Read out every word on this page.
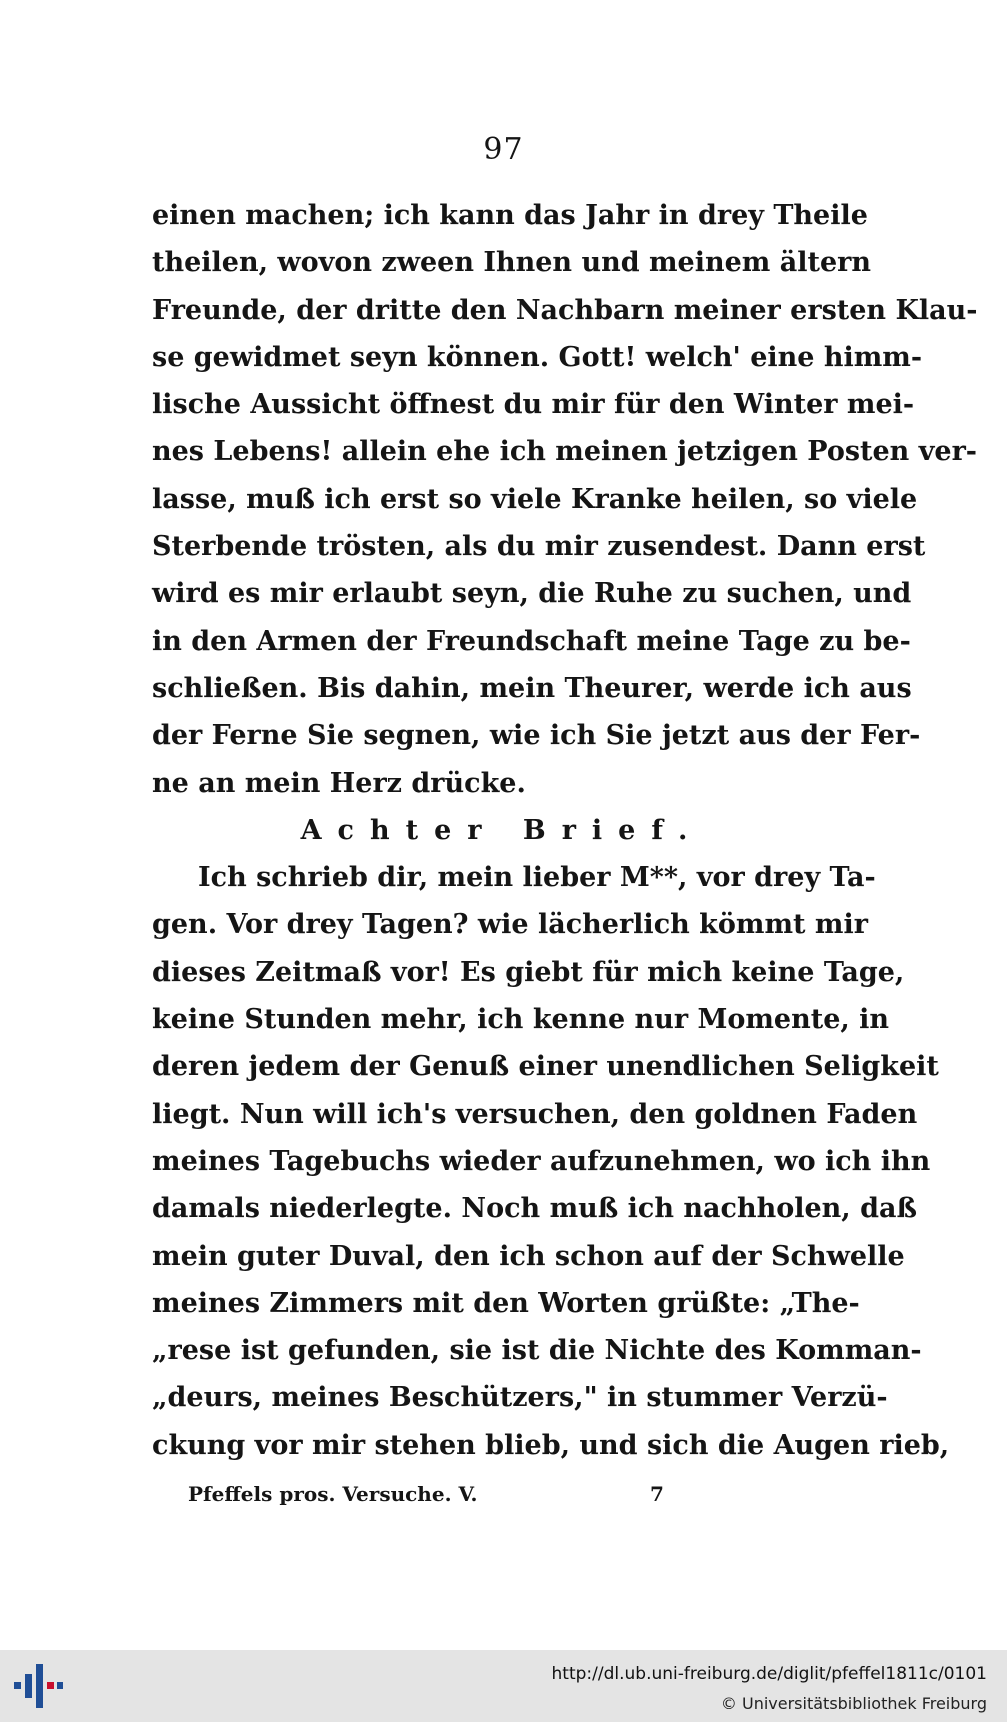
97
einen machen; ich kann das Jahr in drey Theile
theilen, wovon zween Ihnen und meinem ältern
Freunde, der dritte den Nachbarn meiner ersten Klau-
se gewidmet seyn können. Gott! welch' eine himm-
lische Aussicht öffnest du mir für den Winter mei-
nes Lebens! allein ehe ich meinen jetzigen Posten ver-
lasse, muß ich erst so viele Kranke heilen, so viele
Sterbende trösten, als du mir zusendest. Dann erst
wird es mir erlaubt seyn, die Ruhe zu suchen, und
in den Armen der Freundschaft meine Tage zu be-
schließen. Bis dahin, mein Theurer, werde ich aus
der Ferne Sie segnen, wie ich Sie jetzt aus der Fer-
ne an mein Herz drücke.
Achter Brief.
Ich schrieb dir, mein lieber M**, vor drey Ta-
gen. Vor drey Tagen? wie lächerlich kömmt mir
dieses Zeitmaß vor! Es giebt für mich keine Tage,
keine Stunden mehr, ich kenne nur Momente, in
deren jedem der Genuß einer unendlichen Seligkeit
liegt. Nun will ich's versuchen, den goldnen Faden
meines Tagebuchs wieder aufzunehmen, wo ich ihn
damals niederlegte. Noch muß ich nachholen, daß
mein guter Duval, den ich schon auf der Schwelle
meines Zimmers mit den Worten grüßte: „The-
„rese ist gefunden, sie ist die Nichte des Komman-
„deurs, meines Beschützers," in stummer Verzü-
ckung vor mir stehen blieb, und sich die Augen rieb,
Pfeffels pros. Versuche. V.	7
http://dl.ub.uni-freiburg.de/diglit/pfeffel1811c/0101
© Universitätsbibliothek Freiburg
